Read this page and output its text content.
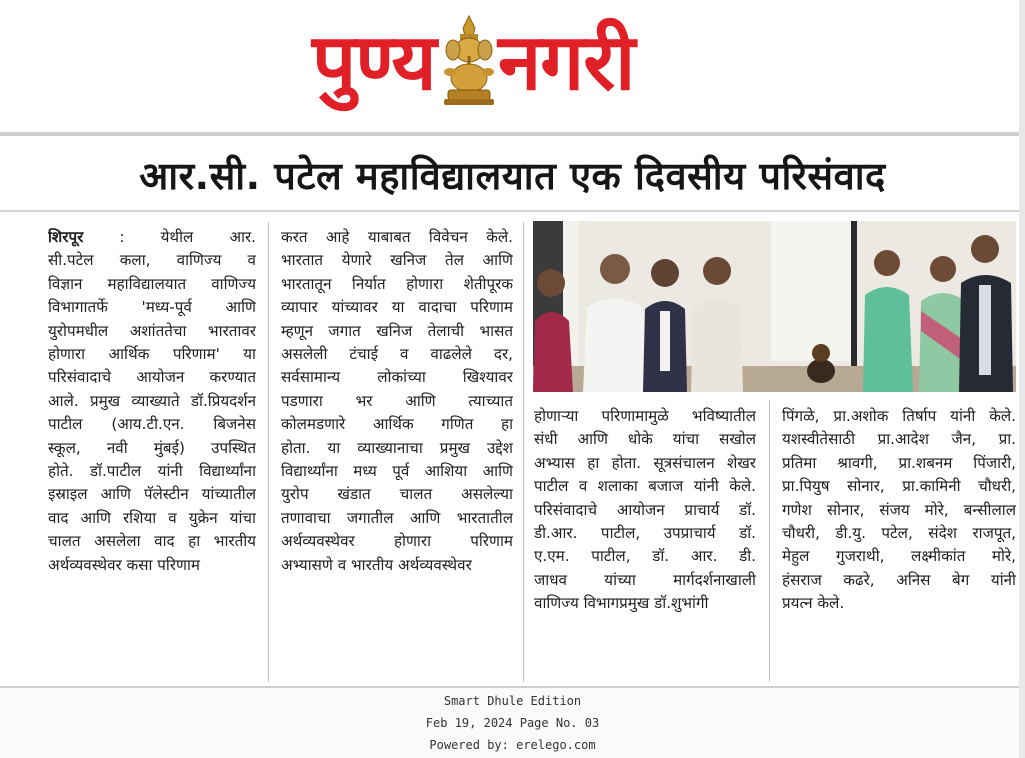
पुण्य नगरी
आर.सी. पटेल महाविद्यालयात एक दिवसीय परिसंवाद
शिरपूर : येथील आर.
सी.पटेल कला, वाणिज्य व
विज्ञान महाविद्यालयात वाणिज्य
विभागातर्फे 'मध्य-पूर्व आणि
युरोपमधील अशांततेचा भारतावर
होणारा आर्थिक परिणाम' या
परिसंवादाचे आयोजन करण्यात
आले. प्रमुख व्याख्याते डॉ.प्रियदर्शन
पाटील (आय.टी.एन. बिजनेस
स्कूल, नवी मुंबई) उपस्थित
होते. डॉ.पाटील यांनी विद्यार्थ्यांना
इस्राइल आणि पॅलेस्टीन यांच्यातील
वाद आणि रशिया व युक्रेन यांचा
चालत असलेला वाद हा भारतीय
अर्थव्यवस्थेवर कसा परिणाम
करत आहे याबाबत विवेचन केले.
भारतात येणारे खनिज तेल आणि
भारतातून निर्यात होणारा शेतीपूरक
व्यापार यांच्यावर या वादाचा परिणाम
म्हणून जगात खनिज तेलाची भासत
असलेली टंचाई व वाढलेले दर,
सर्वसामान्य लोकांच्या खिश्यावर
पडणारा भर आणि त्याच्यात
कोलमडणारे आर्थिक गणित हा
होता. या व्याख्यानाचा प्रमुख उद्देश
विद्यार्थ्यांना मध्य पूर्व आशिया आणि
युरोप खंडात चालत असलेल्या
तणावाचा जगातील आणि भारतातील
अर्थव्यवस्थेवर होणारा परिणाम
अभ्यासणे व भारतीय अर्थव्यवस्थेवर
होणाऱ्या परिणामामुळे भविष्यातील
संधी आणि धोके यांचा सखोल
अभ्यास हा होता. सूत्रसंचालन शेखर
पाटील व शलाका बजाज यांनी केले.
परिसंवादाचे आयोजन प्राचार्य डॉ.
डी.आर. पाटील, उपप्राचार्य डॉ.
ए.एम. पाटील, डॉ. आर. डी.
जाधव यांच्या मार्गदर्शनाखाली
वाणिज्य विभागप्रमुख डॉ.शुभांगी
पिंगळे, प्रा.अशोक तिर्षाप यांनी केले.
यशस्वीतेसाठी प्रा.आदेश जैन, प्रा.
प्रतिमा श्रावगी, प्रा.शबनम पिंजारी,
प्रा.पियुष सोनार, प्रा.कामिनी चौधरी,
गणेश सोनार, संजय मोरे, बन्सीलाल
चौधरी, डी.यु. पटेल, संदेश राजपूत,
मेहुल गुजराथी, लक्ष्मीकांत मोरे,
हंसराज कढरे, अनिस बेग यांनी
प्रयत्न केले.
Smart Dhule Edition
Feb 19, 2024 Page No. 03
Powered by: erelego.com
